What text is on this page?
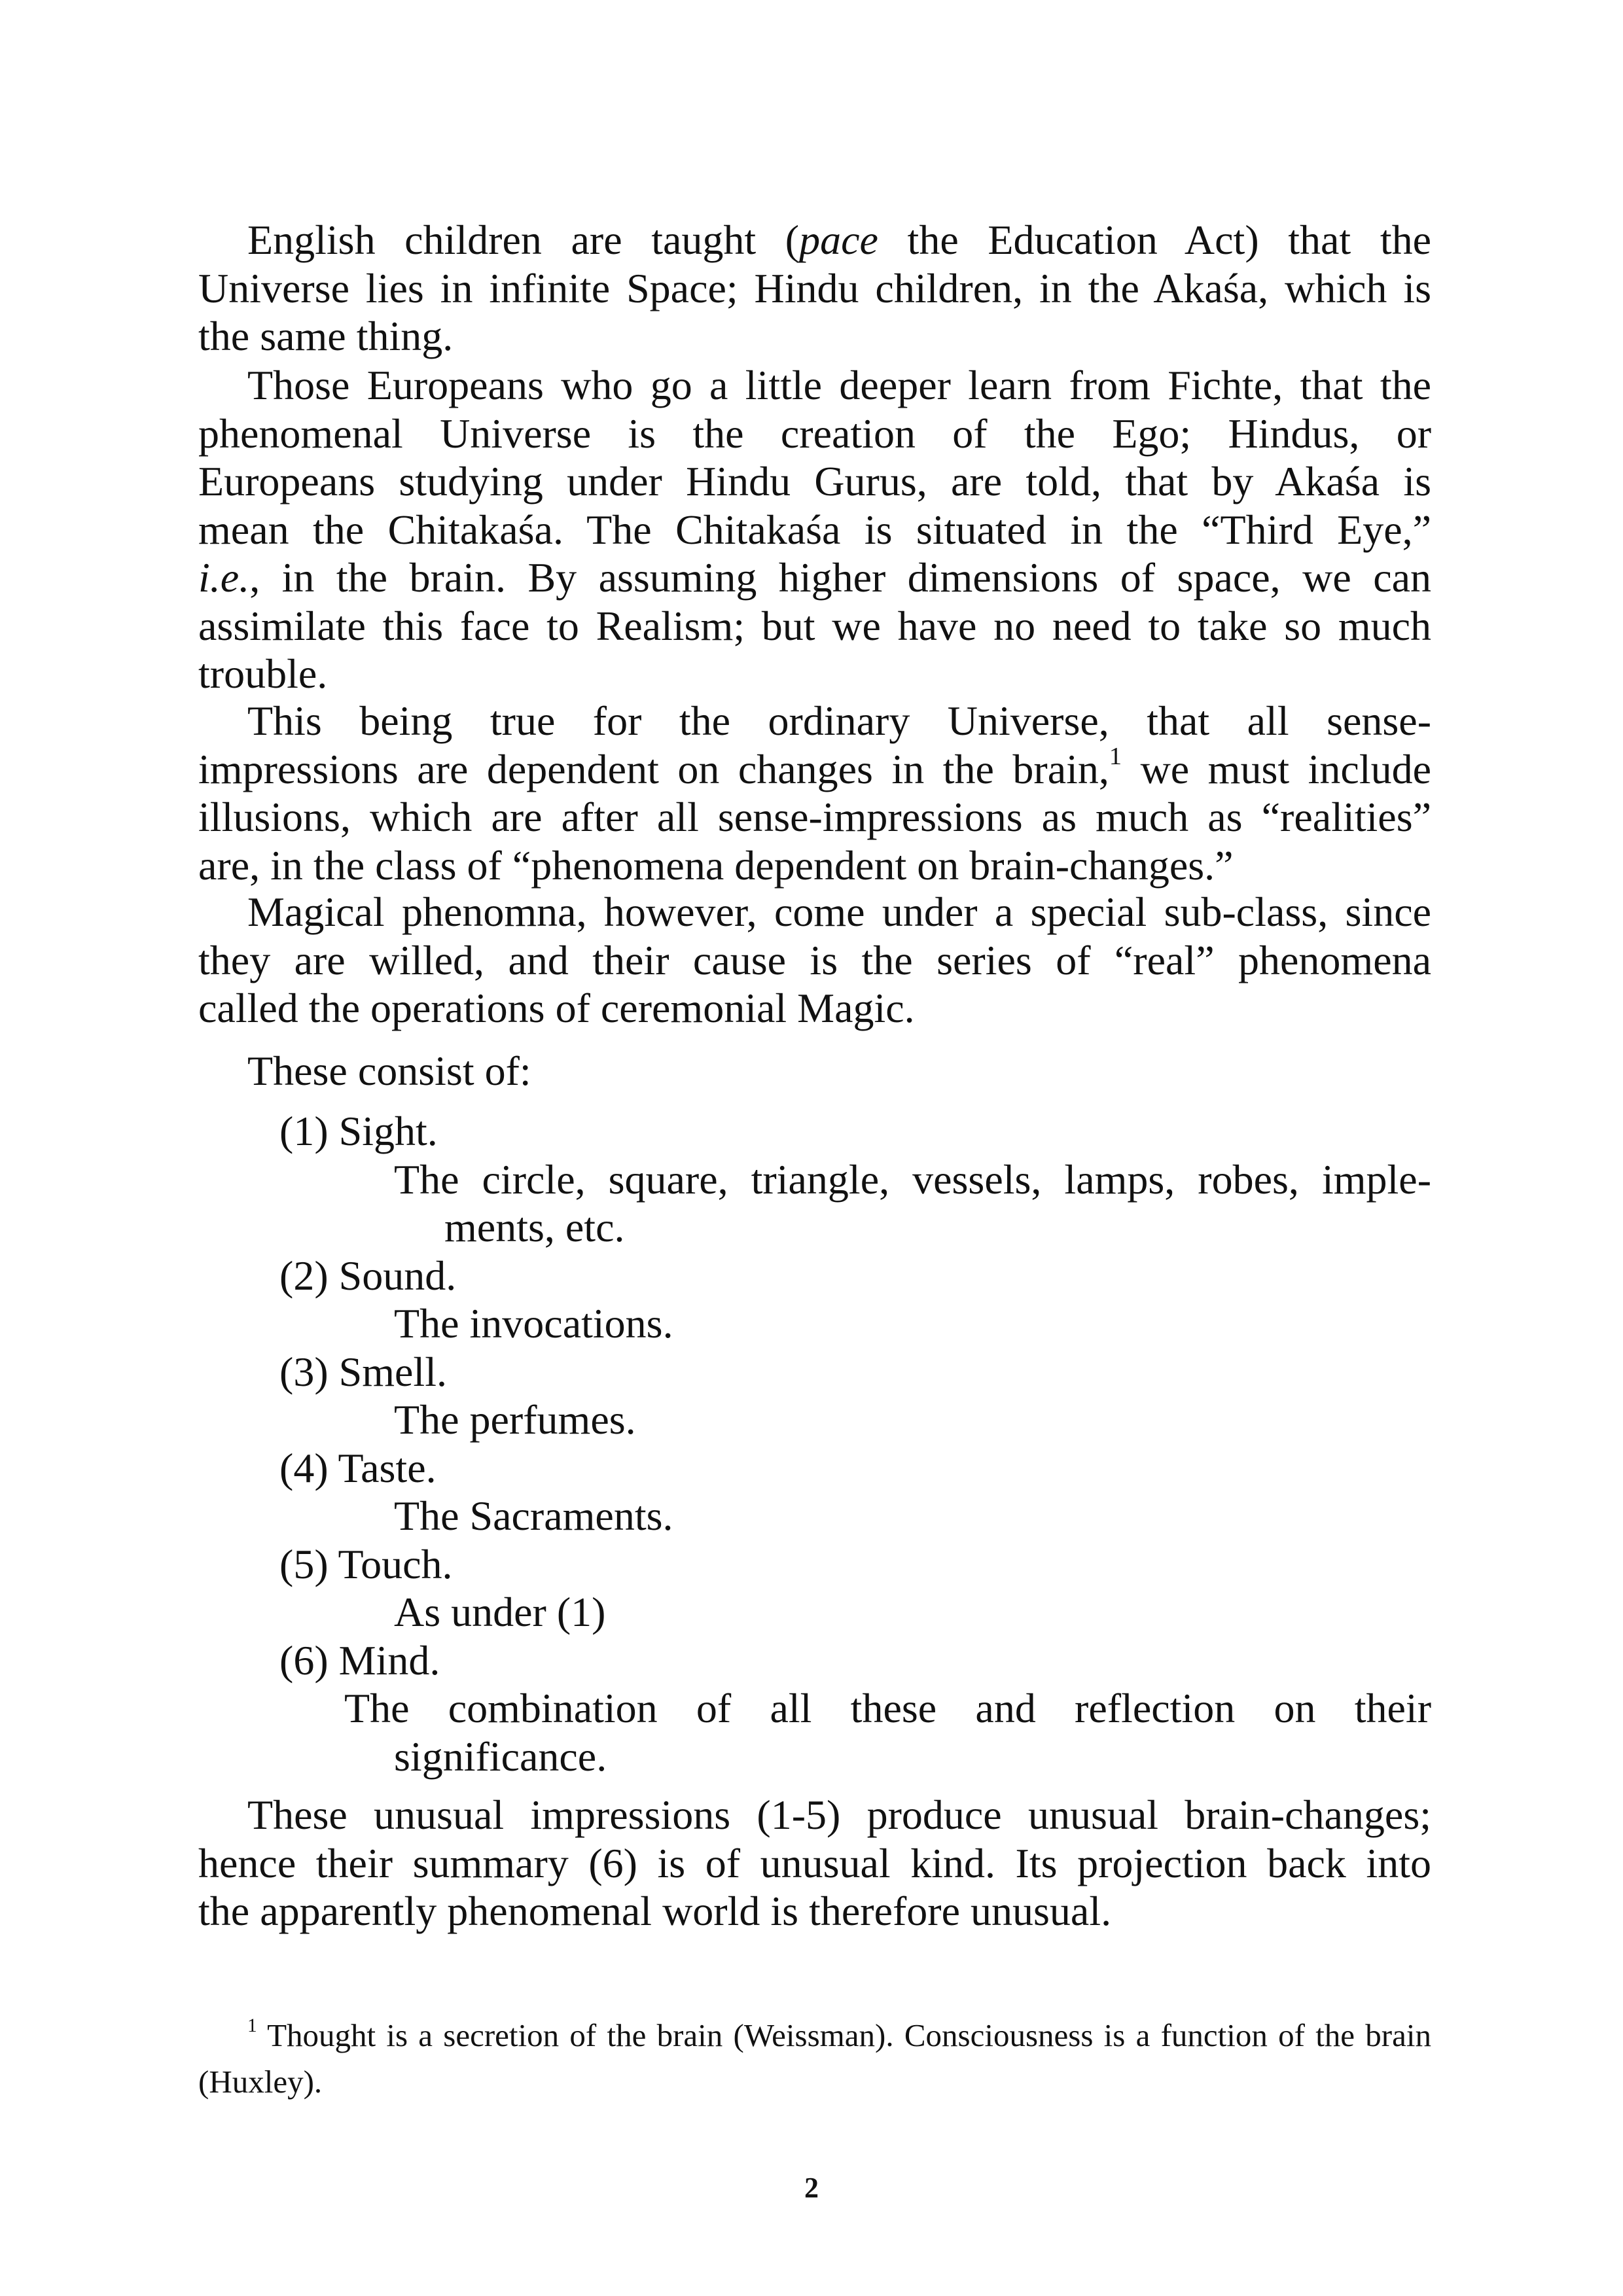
English children are taught (pace the Education Act) that the
Universe lies in infinite Space; Hindu children, in the Akaśa, which is
the same thing.
Those Europeans who go a little deeper learn from Fichte, that the
phenomenal Universe is the creation of the Ego; Hindus, or
Europeans studying under Hindu Gurus, are told, that by Akaśa is
mean the Chitakaśa. The Chitakaśa is situated in the “Third Eye,”
i.e., in the brain. By assuming higher dimensions of space, we can
assimilate this face to Realism; but we have no need to take so much
trouble.
This being true for the ordinary Universe, that all sense-
impressions are dependent on changes in the brain,$^1$ we must include
illusions, which are after all sense-impressions as much as “realities”
are, in the class of “phenomena dependent on brain-changes.”
Magical phenomna, however, come under a special sub-class, since
they are willed, and their cause is the series of “real” phenomena
called the operations of ceremonial Magic.
These consist of:
(1) Sight.
The circle, square, triangle, vessels, lamps, robes, imple-
ments, etc.
(2) Sound.
The invocations.
(3) Smell.
The perfumes.
(4) Taste.
The Sacraments.
(5) Touch.
As under (1)
(6) Mind.
The combination of all these and reflection on their
significance.
These unusual impressions (1-5) produce unusual brain-changes;
hence their summary (6) is of unusual kind. Its projection back into
the apparently phenomenal world is therefore unusual.
$^1$ Thought is a secretion of the brain (Weissman). Consciousness is a function of the brain
(Huxley).
2
